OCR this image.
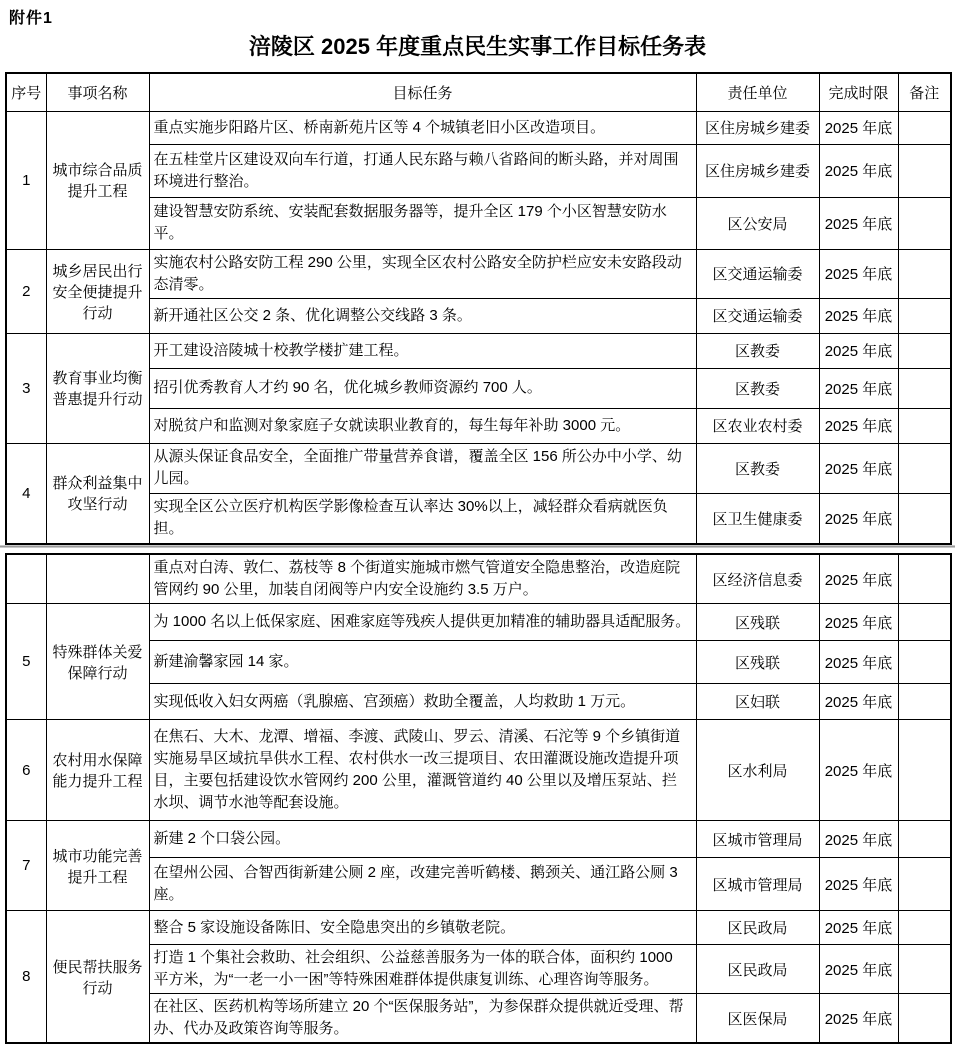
附件1
涪陵区 2025 年度重点民生实事工作目标任务表
序号	事项名称	目标任务	责任单位	完成时限	备注
1	城市综合品质提升工程	重点实施步阳路片区、桥南新苑片区等 4 个城镇老旧小区改造项目。	区住房城乡建委	2025 年底	
		在五桂堂片区建设双向车行道，打通人民东路与赖八省路间的断头路，并对周围环境进行整治。	区住房城乡建委	2025 年底	
		建设智慧安防系统、安装配套数据服务器等，提升全区 179 个小区智慧安防水平。	区公安局	2025 年底	
2	城乡居民出行安全便捷提升行动	实施农村公路安防工程 290 公里，实现全区农村公路安全防护栏应安未安路段动态清零。	区交通运输委	2025 年底	
		新开通社区公交 2 条、优化调整公交线路 3 条。	区交通运输委	2025 年底	
3	教育事业均衡普惠提升行动	开工建设涪陵城十校教学楼扩建工程。	区教委	2025 年底	
		招引优秀教育人才约 90 名，优化城乡教师资源约 700 人。	区教委	2025 年底	
		对脱贫户和监测对象家庭子女就读职业教育的，每生每年补助 3000 元。	区农业农村委	2025 年底	
4	群众利益集中攻坚行动	从源头保证食品安全，全面推广带量营养食谱，覆盖全区 156 所公办中小学、幼儿园。	区教委	2025 年底	
		实现全区公立医疗机构医学影像检查互认率达 30%以上，减轻群众看病就医负担。	区卫生健康委	2025 年底	
		重点对白涛、敦仁、荔枝等 8 个街道实施城市燃气管道安全隐患整治，改造庭院管网约 90 公里，加装自闭阀等户内安全设施约 3.5 万户。	区经济信息委	2025 年底	
5	特殊群体关爱保障行动	为 1000 名以上低保家庭、困难家庭等残疾人提供更加精准的辅助器具适配服务。	区残联	2025 年底	
		新建渝馨家园 14 家。	区残联	2025 年底	
		实现低收入妇女两癌（乳腺癌、宫颈癌）救助全覆盖，人均救助 1 万元。	区妇联	2025 年底	
6	农村用水保障能力提升工程	在焦石、大木、龙潭、增福、李渡、武陵山、罗云、清溪、石沱等 9 个乡镇街道实施易旱区域抗旱供水工程、农村供水一改三提项目、农田灌溉设施改造提升项目，主要包括建设饮水管网约 200 公里，灌溉管道约 40 公里以及增压泵站、拦水坝、调节水池等配套设施。	区水利局	2025 年底	
7	城市功能完善提升工程	新建 2 个口袋公园。	区城市管理局	2025 年底	
		在望州公园、合智西街新建公厕 2 座，改建完善听鹤楼、鹅颈关、通江路公厕 3 座。	区城市管理局	2025 年底	
8	便民帮扶服务行动	整合 5 家设施设备陈旧、安全隐患突出的乡镇敬老院。	区民政局	2025 年底	
		打造 1 个集社会救助、社会组织、公益慈善服务为一体的联合体，面积约 1000 平方米，为“一老一小一困”等特殊困难群体提供康复训练、心理咨询等服务。	区民政局	2025 年底	
		在社区、医药机构等场所建立 20 个“医保服务站”，为参保群众提供就近受理、帮办、代办及政策咨询等服务。	区医保局	2025 年底	
